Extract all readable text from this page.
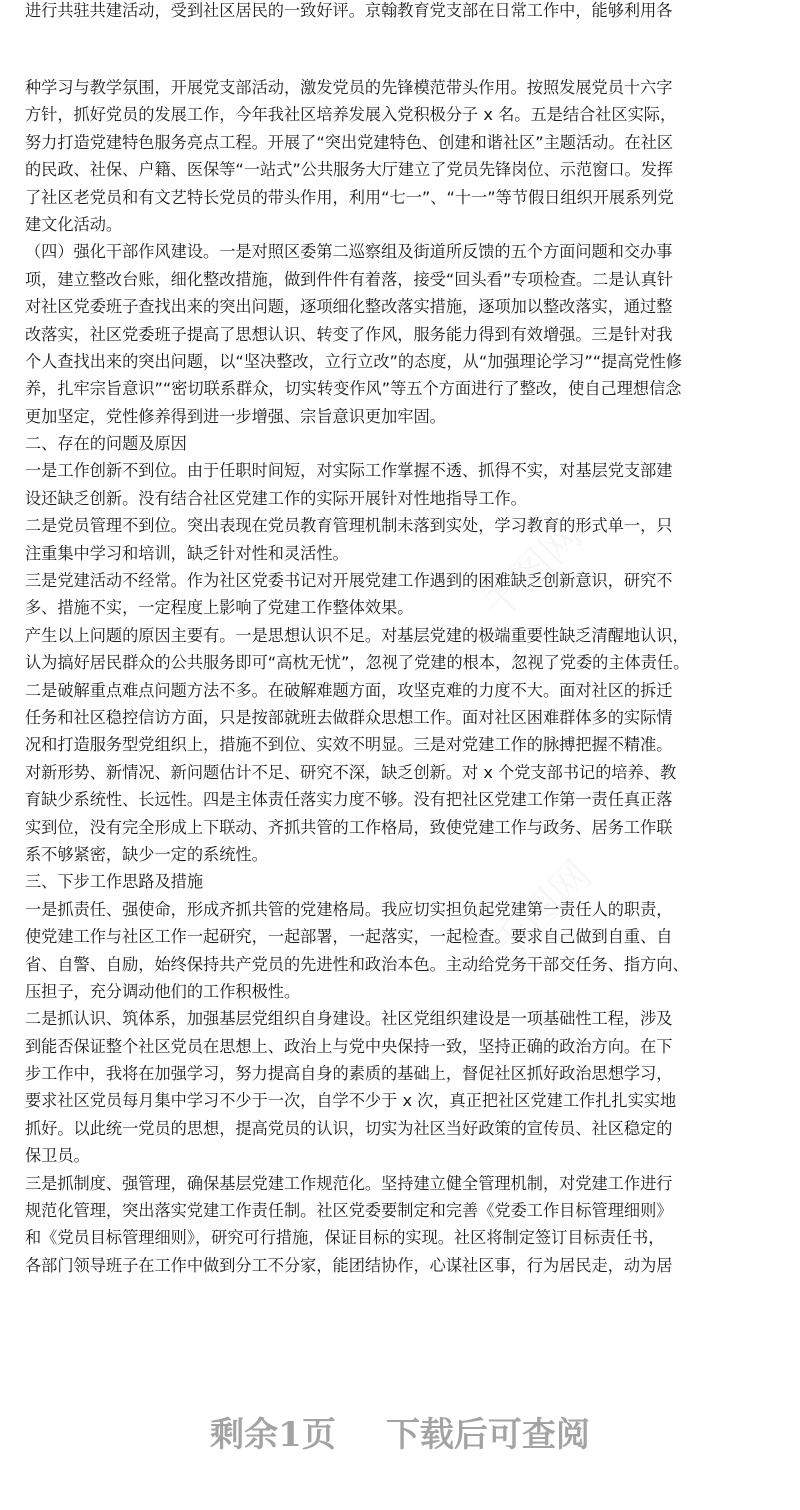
进行共驻共建活动，受到社区居民的一致好评。京翰教育党支部在日常工作中，能够利用各
种学习与教学氛围，开展党支部活动，激发党员的先锋模范带头作用。按照发展党员十六字
方针，抓好党员的发展工作，今年我社区培养发展入党积极分子 x 名。五是结合社区实际，
努力打造党建特色服务亮点工程。开展了“突出党建特色、创建和谐社区”主题活动。在社区
的民政、社保、户籍、医保等“一站式”公共服务大厅建立了党员先锋岗位、示范窗口。发挥
了社区老党员和有文艺特长党员的带头作用，利用“七一”、“十一”等节假日组织开展系列党
建文化活动。
（四）强化干部作风建设。一是对照区委第二巡察组及街道所反馈的五个方面问题和交办事
项，建立整改台账，细化整改措施，做到件件有着落，接受“回头看”专项检查。二是认真针
对社区党委班子查找出来的突出问题，逐项细化整改落实措施，逐项加以整改落实，通过整
改落实，社区党委班子提高了思想认识、转变了作风，服务能力得到有效增强。三是针对我
个人查找出来的突出问题，以“坚决整改，立行立改”的态度，从“加强理论学习”“提高党性修
养，扎牢宗旨意识”“密切联系群众，切实转变作风”等五个方面进行了整改，使自己理想信念
更加坚定，党性修养得到进一步增强、宗旨意识更加牢固。
二、存在的问题及原因
一是工作创新不到位。由于任职时间短，对实际工作掌握不透、抓得不实，对基层党支部建
设还缺乏创新。没有结合社区党建工作的实际开展针对性地指导工作。
二是党员管理不到位。突出表现在党员教育管理机制未落到实处，学习教育的形式单一，只
注重集中学习和培训，缺乏针对性和灵活性。
三是党建活动不经常。作为社区党委书记对开展党建工作遇到的困难缺乏创新意识，研究不
多、措施不实，一定程度上影响了党建工作整体效果。
产生以上问题的原因主要有。一是思想认识不足。对基层党建的极端重要性缺乏清醒地认识，
认为搞好居民群众的公共服务即可“高枕无忧”，忽视了党建的根本，忽视了党委的主体责任。
二是破解重点难点问题方法不多。在破解难题方面，攻坚克难的力度不大。面对社区的拆迁
任务和社区稳控信访方面，只是按部就班去做群众思想工作。面对社区困难群体多的实际情
况和打造服务型党组织上，措施不到位、实效不明显。三是对党建工作的脉搏把握不精准。
对新形势、新情况、新问题估计不足、研究不深，缺乏创新。对 x 个党支部书记的培养、教
育缺少系统性、长远性。四是主体责任落实力度不够。没有把社区党建工作第一责任真正落
实到位，没有完全形成上下联动、齐抓共管的工作格局，致使党建工作与政务、居务工作联
系不够紧密，缺少一定的系统性。
三、下步工作思路及措施
一是抓责任、强使命，形成齐抓共管的党建格局。我应切实担负起党建第一责任人的职责，
使党建工作与社区工作一起研究，一起部署，一起落实，一起检查。要求自己做到自重、自
省、自警、自励，始终保持共产党员的先进性和政治本色。主动给党务干部交任务、指方向、
压担子，充分调动他们的工作积极性。
二是抓认识、筑体系，加强基层党组织自身建设。社区党组织建设是一项基础性工程，涉及
到能否保证整个社区党员在思想上、政治上与党中央保持一致，坚持正确的政治方向。在下
步工作中，我将在加强学习，努力提高自身的素质的基础上，督促社区抓好政治思想学习，
要求社区党员每月集中学习不少于一次，自学不少于 x 次，真正把社区党建工作扎扎实实地
抓好。以此统一党员的思想，提高党员的认识，切实为社区当好政策的宣传员、社区稳定的
保卫员。
三是抓制度、强管理，确保基层党建工作规范化。坚持建立健全管理机制，对党建工作进行
规范化管理，突出落实党建工作责任制。社区党委要制定和完善《党委工作目标管理细则》
和《党员目标管理细则》，研究可行措施，保证目标的实现。社区将制定签订目标责任书，
各部门领导班子在工作中做到分工不分家，能团结协作，心谋社区事，行为居民走，动为居
剩余1页 下载后可查阅
